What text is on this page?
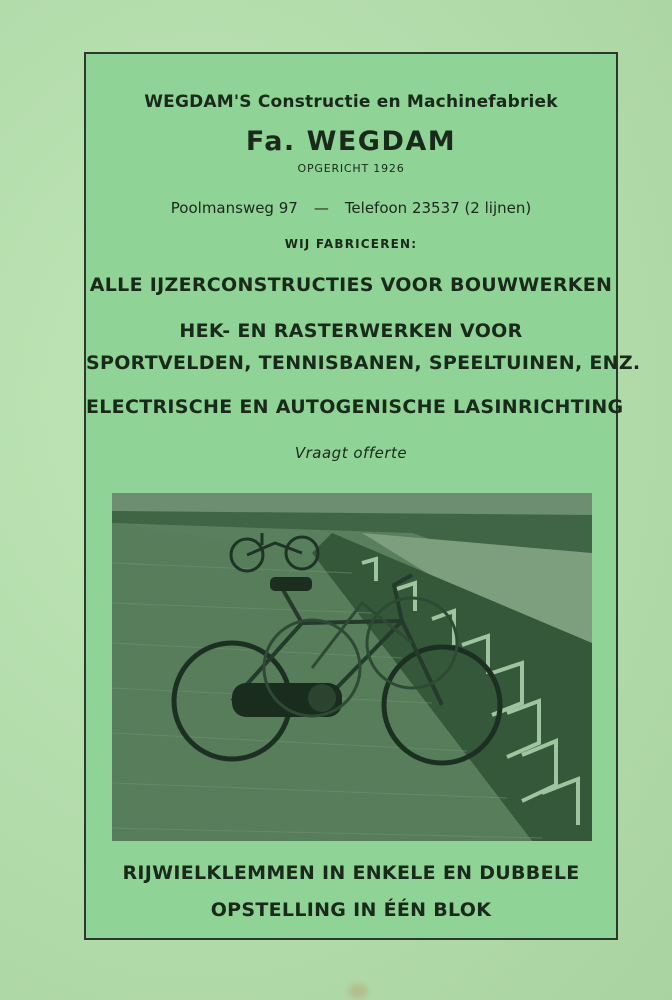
WEGDAM'S Constructie en Machinefabriek
Fa. WEGDAM
OPGERICHT 1926
Poolmansweg 97 — Telefoon 23537 (2 lijnen)
WIJ FABRICEREN:
ALLE IJZERCONSTRUCTIES VOOR BOUWWERKEN
HEK- EN RASTERWERKEN VOOR
SPORTVELDEN, TENNISBANEN, SPEELTUINEN, ENZ.
ELECTRISCHE EN AUTOGENISCHE LASINRICHTING
Vraagt offerte
RIJWIELKLEMMEN IN ENKELE EN DUBBELE
OPSTELLING IN ÉÉN BLOK
